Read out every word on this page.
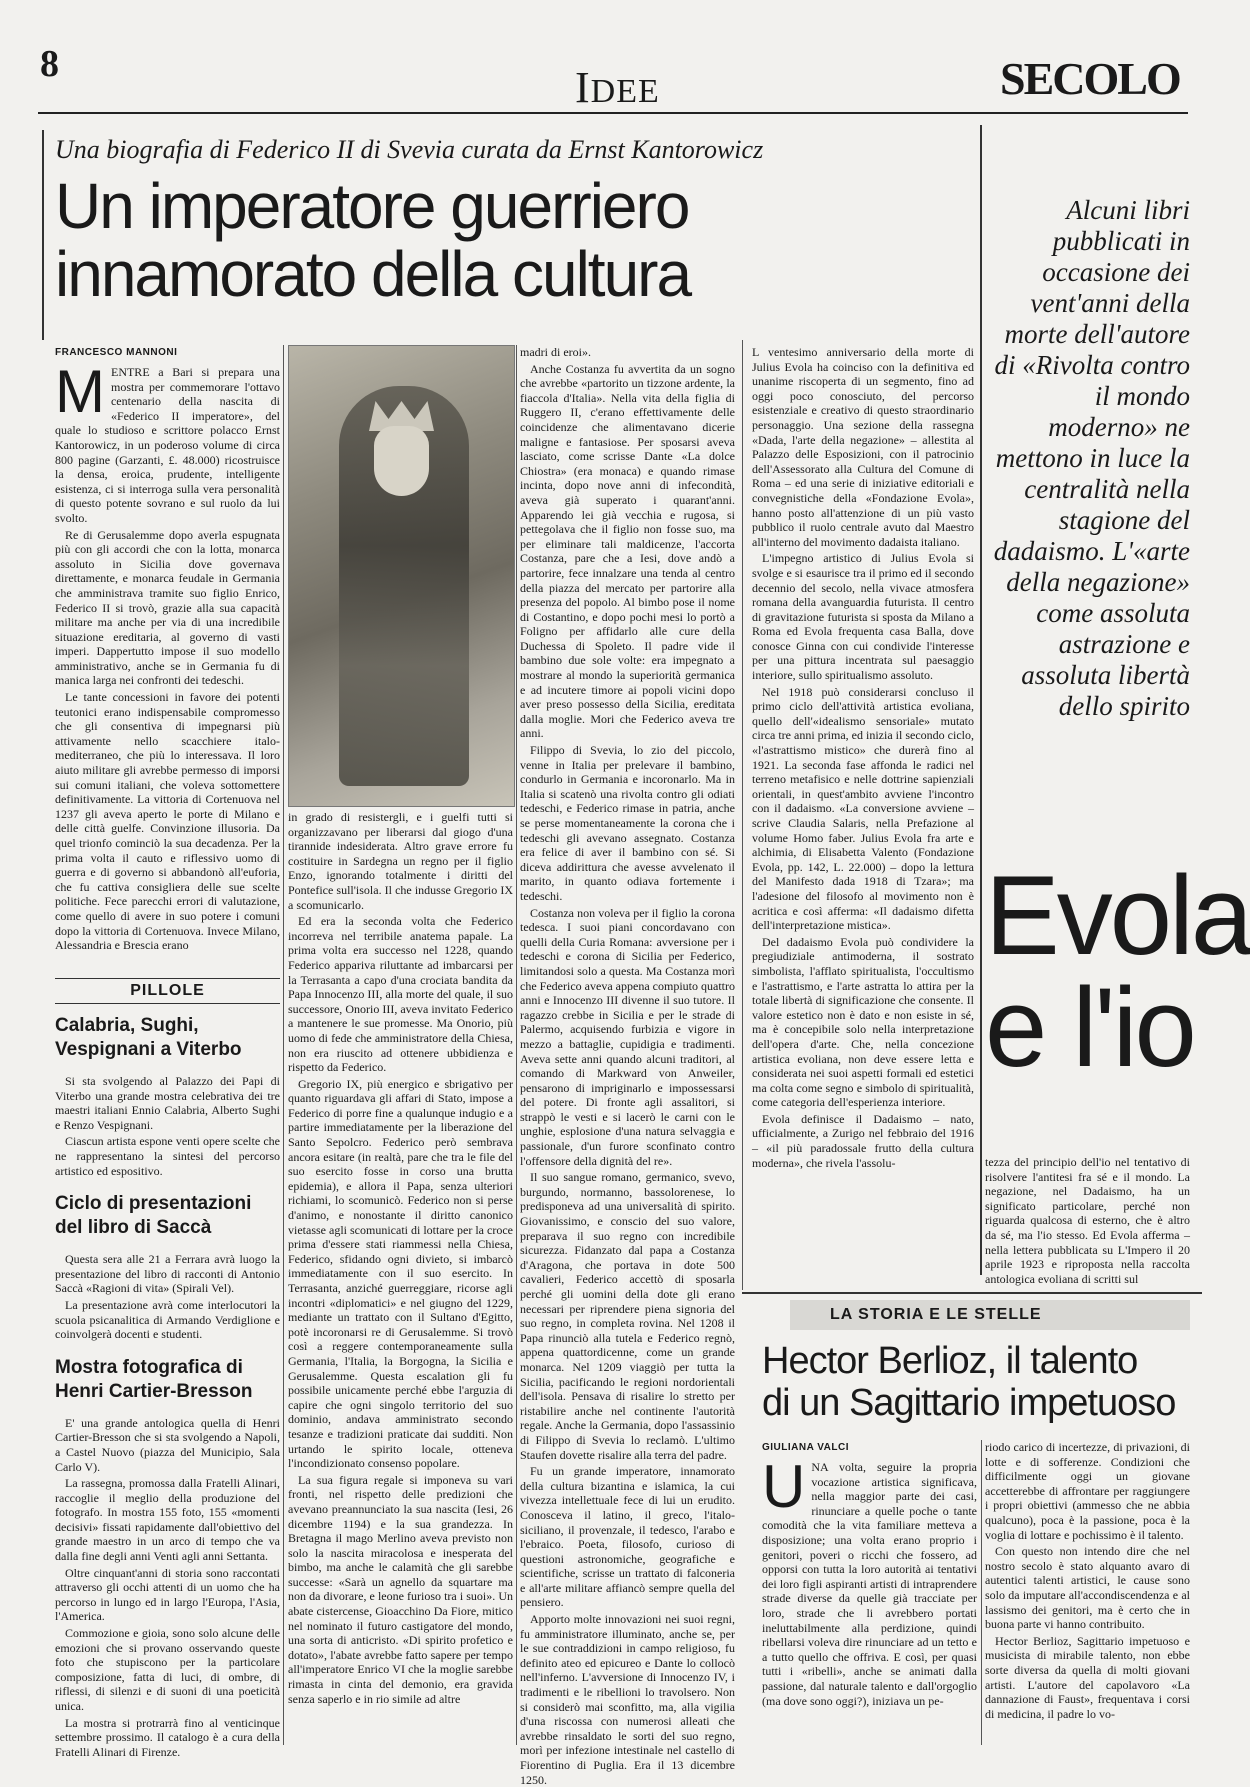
8	IDEE	SECOLO
Una biografia di Federico II di Svevia curata da Ernst Kantorowicz
Un imperatore guerriero
innamorato della cultura
FRANCESCO MANNONI
M ENTRE a Bari si prepara una mostra per commemorare l'ottavo centenario della nascita di «Federico II imperatore», del quale lo studioso e scrittore polacco Ernst Kantorowicz, in un poderoso volume di circa 800 pagine (Garzanti, £. 48.000) ricostruisce la densa, eroica, prudente, intelligente esistenza, ci si interroga sulla vera personalità di questo potente sovrano e sul ruolo da lui svolto.

Re di Gerusalemme dopo averla espugnata più con gli accordi che con la lotta, monarca assoluto in Sicilia dove governava direttamente, e monarca feudale in Germania che amministrava tramite suo figlio Enrico, Federico II si trovò, grazie alla sua capacità militare ma anche per via di una incredibile situazione ereditaria, al governo di vasti imperi. Dappertutto impose il suo modello amministrativo, anche se in Germania fu di manica larga nei confronti dei tedeschi.

Le tante concessioni in favore dei potenti teutonici erano indispensabile compromesso che gli consentiva di impegnarsi più attivamente nello scacchiere italo-mediterraneo, che più lo interessava. Il loro aiuto militare gli avrebbe permesso di imporsi sui comuni italiani, che voleva sottomettere definitivamente. La vittoria di Cortenuova nel 1237 gli aveva aperto le porte di Milano e delle città guelfe. Convinzione illusoria. Da quel trionfo cominciò la sua decadenza. Per la prima volta il cauto e riflessivo uomo di guerra e di governo si abbandonò all'euforia, che fu cattiva consigliera delle sue scelte politiche. Fece parecchi errori di valutazione, come quello di avere in suo potere i comuni dopo la vittoria di Cortenuova. Invece Milano, Alessandria e Brescia erano

in grado di resistergli, e i guelfi tutti si organizzavano per liberarsi dal giogo d'una tirannide indesiderata. Altro grave errore fu costituire in Sardegna un regno per il figlio Enzo, ignorando totalmente i diritti del Pontefice sull'isola. Il che indusse Gregorio IX a scomunicarlo.

Ed era la seconda volta che Federico incorreva nel terribile anatema papale. La prima volta era successo nel 1228, quando Federico appariva riluttante ad imbarcarsi per la Terrasanta a capo d'una crociata bandita da Papa Innocenzo III, alla morte del quale, il suo successore, Onorio III, aveva invitato Federico a mantenere le sue promesse. Ma Onorio, più uomo di fede che amministratore della Chiesa, non era riuscito ad ottenere ubbidienza e rispetto da Federico.

Gregorio IX, più energico e sbrigativo per quanto riguardava gli affari di Stato, impose a Federico di porre fine a qualunque indugio e a partire immediatamente per la liberazione del Santo Sepolcro. Federico però sembrava ancora esitare (in realtà, pare che tra le file del suo esercito fosse in corso una brutta epidemia), e allora il Papa, senza ulteriori richiami, lo scomunicò. Federico non si perse d'animo, e nonostante il diritto canonico vietasse agli scomunicati di lottare per la croce prima d'essere stati riammessi nella Chiesa, Federico, sfidando ogni divieto, si imbarcò immediatamente con il suo esercito. In Terrasanta, anziché guerreggiare, ricorse agli incontri «diplomatici» e nel giugno del 1229, mediante un trattato con il Sultano d'Egitto, potè incoronarsi re di Gerusalemme. Si trovò così a reggere contemporaneamente sulla Germania, l'Italia, la Borgogna, la Sicilia e Gerusalemme. Questa escalation gli fu possibile unicamente perché ebbe l'arguzia di capire che ogni singolo territorio del suo dominio, andava amministrato secondo tesanze e tradizioni praticate dai sudditi. Non urtando le spirito locale, otteneva l'incondizionato consenso popolare.

La sua figura regale si imponeva su vari fronti, nel rispetto delle predizioni che avevano preannunciato la sua nascita (Iesi, 26 dicembre 1194) e la sua grandezza. In Bretagna il mago Merlino aveva previsto non solo la nascita miracolosa e inesperata del bimbo, ma anche le calamità che gli sarebbe successe: «Sarà un agnello da squartare ma non da divorare, e leone furioso tra i suoi». Un abate cistercense, Gioacchino Da Fiore, mitico nel nominato il futuro castigatore del mondo, una sorta di anticristo. «Di spirito profetico e dotato», l'abate avrebbe fatto sapere per tempo all'imperatore Enrico VI che la moglie sarebbe rimasta in cinta del demonio, era gravida senza saperlo e in rio simile ad altre

madri di eroi».

Anche Costanza fu avvertita da un sogno che avrebbe «partorito un tizzone ardente, la fiaccola d'Italia». Nella vita della figlia di Ruggero II, c'erano effettivamente delle coincidenze che alimentavano dicerie maligne e fantasiose. Per sposarsi aveva lasciato, come scrisse Dante «La dolce Chiostra» (era monaca) e quando rimase incinta, dopo nove anni di infecondità, aveva già superato i quarant'anni. Apparendo lei già vecchia e rugosa, si pettegolava che il figlio non fosse suo, ma per eliminare tali maldicenze, l'accorta Costanza, pare che a Iesi, dove andò a partorire, fece innalzare una tenda al centro della piazza del mercato per partorire alla presenza del popolo. Al bimbo pose il nome di Costantino, e dopo pochi mesi lo portò a Foligno per affidarlo alle cure della Duchessa di Spoleto. Il padre vide il bambino due sole volte: era impegnato a mostrare al mondo la superiorità germanica e ad incutere timore ai popoli vicini dopo aver preso possesso della Sicilia, ereditata dalla moglie. Mori che Federico aveva tre anni.

Filippo di Svevia, lo zio del piccolo, venne in Italia per prelevare il bambino, condurlo in Germania e incoronarlo. Ma in Italia si scatenò una rivolta contro gli odiati tedeschi, e Federico rimase in patria, anche se perse momentaneamente la corona che i tedeschi gli avevano assegnato. Costanza era felice di aver il bambino con sé. Si diceva addirittura che avesse avvelenato il marito, in quanto odiava fortemente i tedeschi.

Costanza non voleva per il figlio la corona tedesca. I suoi piani concordavano con quelli della Curia Romana: avversione per i tedeschi e corona di Sicilia per Federico, limitandosi solo a questa. Ma Costanza morì che Federico aveva appena compiuto quattro anni e Innocenzo III divenne il suo tutore. Il ragazzo crebbe in Sicilia e per le strade di Palermo, acquisendo furbizia e vigore in mezzo a battaglie, cupidigia e tradimenti. Aveva sette anni quando alcuni traditori, al comando di Markward von Anweiler, pensarono di impriginarlo e impossessarsi del potere. Di fronte agli assalitori, si strappò le vesti e si lacerò le carni con le unghie, esplosione d'una natura selvaggia e passionale, d'un furore sconfinato contro l'offensore della dignità del re».

Il suo sangue romano, germanico, svevo, burgundo, normanno, bassolorenese, lo predisponeva ad una universalità di spirito. Giovanissimo, e conscio del suo valore, preparava il suo regno con incredibile sicurezza. Fidanzato dal papa a Costanza d'Aragona, che portava in dote 500 cavalieri, Federico accettò di sposarla perché gli uomini della dote gli erano necessari per riprendere piena signoria del suo regno, in completa rovina. Nel 1208 il Papa rinunciò alla tutela e Federico regnò, appena quattordicenne, come un grande monarca. Nel 1209 viaggiò per tutta la Sicilia, pacificando le regioni nordorientali dell'isola. Pensava di risalire lo stretto per ristabilire anche nel continente l'autorità regale. Anche la Germania, dopo l'assassinio di Filippo di Svevia lo reclamò. L'ultimo Staufen dovette risalire alla terra del padre.

Fu un grande imperatore, innamorato della cultura bizantina e islamica, la cui vivezza intellettuale fece di lui un erudito. Conosceva il latino, il greco, l'italo-siciliano, il provenzale, il tedesco, l'arabo e l'ebraico. Poeta, filosofo, curioso di questioni astronomiche, geografiche e scientifiche, scrisse un trattato di falconeria e all'arte militare affiancò sempre quella del pensiero.

Apporto molte innovazioni nei suoi regni, fu amministratore illuminato, anche se, per le sue contraddizioni in campo religioso, fu definito ateo ed epicureo e Dante lo collocò nell'inferno. L'avversione di Innocenzo IV, i tradimenti e le ribellioni lo travolsero. Non si considerò mai sconfitto, ma, alla vigilia d'una riscossa con numerosi alleati che avrebbe rinsaldato le sorti del suo regno, morì per infezione intestinale nel castello di Fiorentino di Puglia. Era il 13 dicembre 1250.

PILLOLE
Calabria, Sughi, Vespignani a Viterbo

Si sta svolgendo al Palazzo dei Papi di Viterbo una grande mostra celebrativa dei tre maestri italiani Ennio Calabria, Alberto Sughi e Renzo Vespignani.

Ciascun artista espone venti opere scelte che ne rappresentano la sintesi del percorso artistico ed espositivo.

Ciclo di presentazioni del libro di Saccà

Questa sera alle 21 a Ferrara avrà luogo la presentazione del libro di racconti di Antonio Saccà «Ragioni di vita» (Spirali Vel).

La presentazione avrà come interlocutori la scuola psicanalitica di Armando Verdiglione e coinvolgerà docenti e studenti.

Mostra fotografica di Henri Cartier-Bresson

E' una grande antologica quella di Henri Cartier-Bresson che si sta svolgendo a Napoli, a Castel Nuovo (piazza del Municipio, Sala Carlo V).

La rassegna, promossa dalla Fratelli Alinari, raccoglie il meglio della produzione del fotografo. In mostra 155 foto, 155 «momenti decisivi» fissati rapidamente dall'obiettivo del grande maestro in un arco di tempo che va dalla fine degli anni Venti agli anni Settanta.

Oltre cinquant'anni di storia sono raccontati attraverso gli occhi attenti di un uomo che ha percorso in lungo ed in largo l'Europa, l'Asia, l'America.

Commozione e gioia, sono solo alcune delle emozioni che si provano osservando queste foto che stupiscono per la particolare composizione, fatta di luci, di ombre, di riflessi, di silenzi e di suoni di una poeticità unica.

La mostra si protrarrà fino al venticinque settembre prossimo. Il catalogo è a cura della Fratelli Alinari di Firenze.

L ventesimo anniversario della morte di Julius Evola ha coinciso con la definitiva ed unanime riscoperta di un segmento, fino ad oggi poco conosciuto, del percorso esistenziale e creativo di questo straordinario personaggio. Una sezione della rassegna «Dada, l'arte della negazione» – allestita al Palazzo delle Esposizioni, con il patrocinio dell'Assessorato alla Cultura del Comune di Roma – ed una serie di iniziative editoriali e convegnistiche della «Fondazione Evola», hanno posto all'attenzione di un più vasto pubblico il ruolo centrale avuto dal Maestro all'interno del movimento dadaista italiano.

L'impegno artistico di Julius Evola si svolge e si esaurisce tra il primo ed il secondo decennio del secolo, nella vivace atmosfera romana della avanguardia futurista. Il centro di gravitazione futurista si sposta da Milano a Roma ed Evola frequenta casa Balla, dove conosce Ginna con cui condivide l'interesse per una pittura incentrata sul paesaggio interiore, sullo spiritualismo assoluto.

Nel 1918 può considerarsi concluso il primo ciclo dell'attività artistica evoliana, quello dell'«idealismo sensoriale» mutato circa tre anni prima, ed inizia il secondo ciclo, «l'astrattismo mistico» che durerà fino al 1921. La seconda fase affonda le radici nel terreno metafisico e nelle dottrine sapienziali orientali, in quest'ambito avviene l'incontro con il dadaismo. «La conversione avviene – scrive Claudia Salaris, nella Prefazione al volume Homo faber. Julius Evola fra arte e alchimia, di Elisabetta Valento (Fondazione Evola, pp. 142, L. 22.000) – dopo la lettura del Manifesto dada 1918 di Tzara»; ma l'adesione del filosofo al movimento non è acritica e così afferma: «Il dadaismo difetta dell'interpretazione mistica».

Del dadaismo Evola può condividere la pregiudiziale antimoderna, il sostrato simbolista, l'afflato spiritualista, l'occultismo e l'astrattismo, e l'arte astratta lo attira per la totale libertà di significazione che consente. Il valore estetico non è dato e non esiste in sé, ma è concepibile solo nella interpretazione dell'opera d'arte. Che, nella concezione artistica evoliana, non deve essere letta e considerata nei suoi aspetti formali ed estetici ma colta come segno e simbolo di spiritualità, come categoria dell'esperienza interiore.

Evola definisce il Dadaismo – nato, ufficialmente, a Zurigo nel febbraio del 1916 – «il più paradossale frutto della cultura moderna», che rivela l'assolu-

Alcuni libri pubblicati in occasione dei vent'anni della morte dell'autore di «Rivolta contro il mondo moderno» ne mettono in luce la centralità nella stagione del dadaismo. L'«arte della negazione» come assoluta astrazione e assoluta libertà dello spirito
Evola
e l'io

tezza del principio dell'io nel tentativo di risolvere l'antitesi fra sé e il mondo. La negazione, nel Dadaismo, ha un significato particolare, perché non riguarda qualcosa di esterno, che è altro da sé, ma l'io stesso. Ed Evola afferma – nella lettera pubblicata su L'Impero il 20 aprile 1923 e riproposta nella raccolta antologica evoliana di scritti sul

LA STORIA E LE STELLE
Hector Berlioz, il talento
di un Sagittario impetuoso
GIULIANA VALCI
U NA volta, seguire la propria vocazione artistica significava, nella maggior parte dei casi, rinunciare a quelle poche o tante comodità che la vita familiare metteva a disposizione; una volta erano proprio i genitori, poveri o ricchi che fossero, ad opporsi con tutta la loro autorità ai tentativi dei loro figli aspiranti artisti di intraprendere strade diverse da quelle già tracciate per loro, strade che li avrebbero portati ineluttabilmente alla perdizione, quindi ribellarsi voleva dire rinunciare ad un tetto e a tutto quello che offriva. E così, per quasi tutti i «ribelli», anche se animati dalla passione, dal naturale talento e dall'orgoglio (ma dove sono oggi?), iniziava un pe-

riodo carico di incertezze, di privazioni, di lotte e di sofferenze. Condizioni che difficilmente oggi un giovane accetterebbe di affrontare per raggiungere i propri obiettivi (ammesso che ne abbia qualcuno), poca è la passione, poca è la voglia di lottare e pochissimo è il talento.

Con questo non intendo dire che nel nostro secolo è stato alquanto avaro di autentici talenti artistici, le cause sono solo da imputare all'accondiscendenza e al lassismo dei genitori, ma è certo che in buona parte vi hanno contribuito.

Hector Berlioz, Sagittario impetuoso e musicista di mirabile talento, non ebbe sorte diversa da quella di molti giovani artisti. L'autore del capolavoro «La dannazione di Faust», frequentava i corsi di medicina, il padre lo vo-
